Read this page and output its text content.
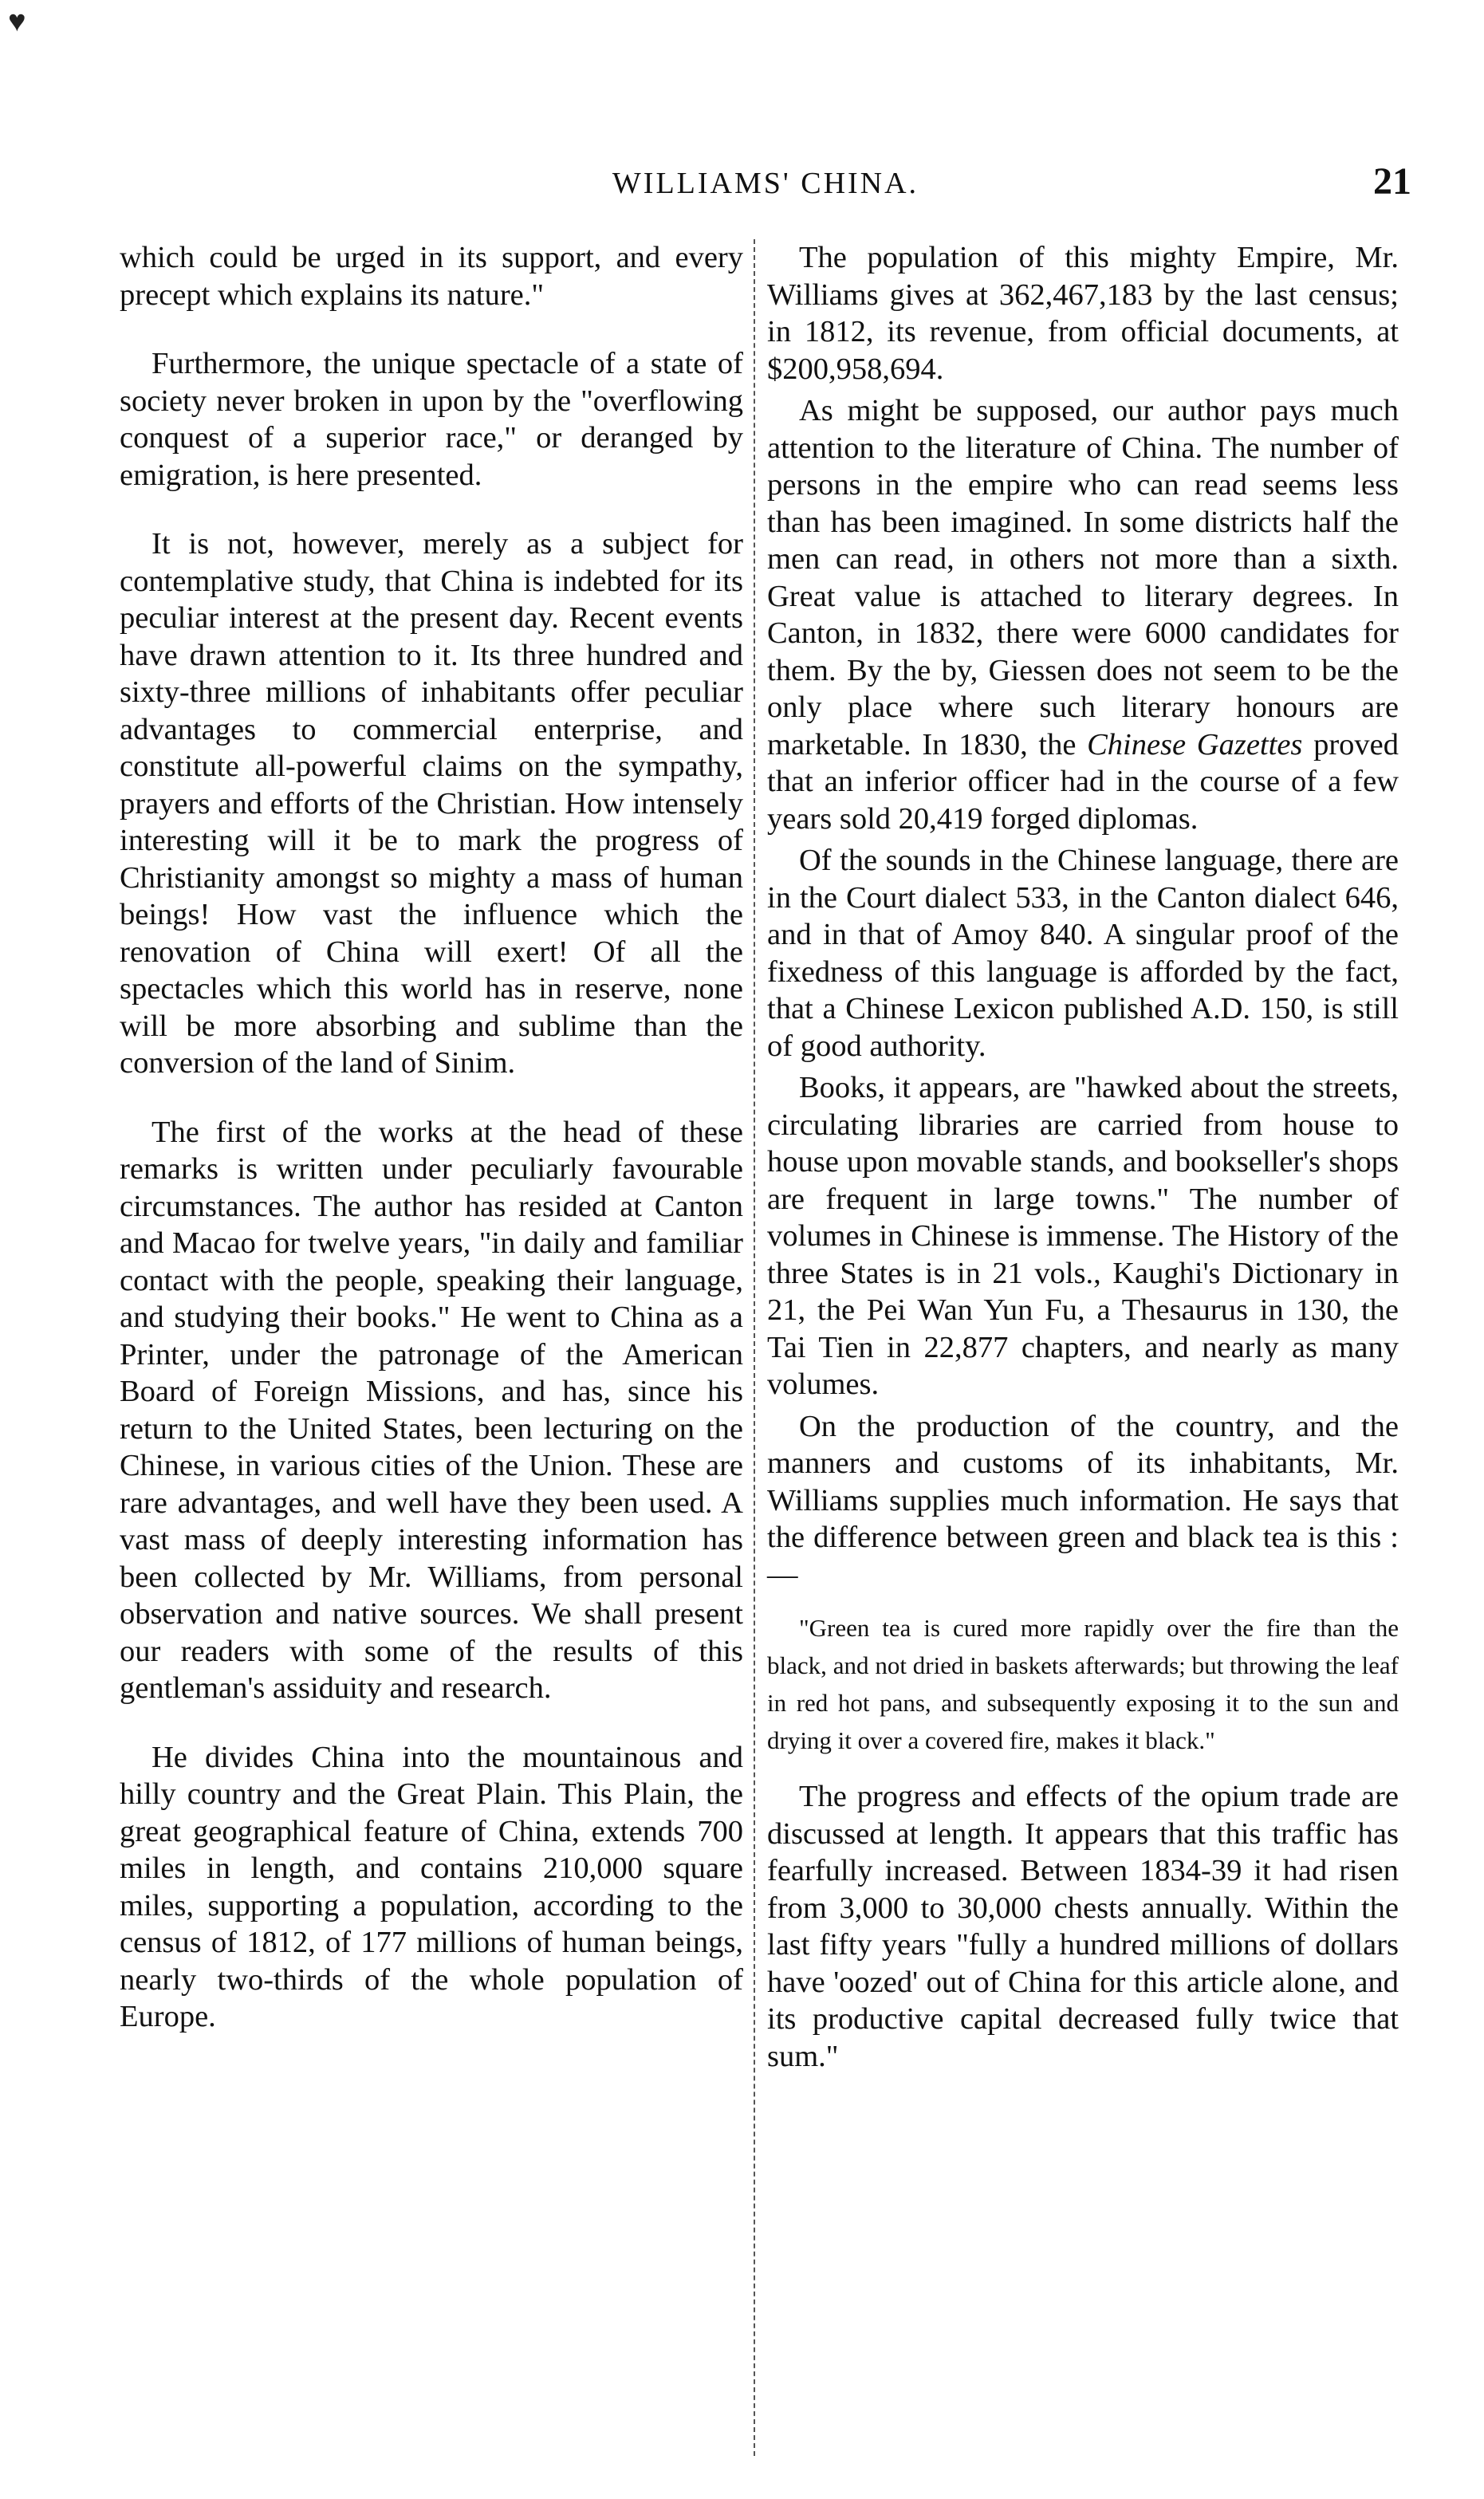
♥
WILLIAMS' CHINA.	21

which could be urged in its support, and every precept which explains its nature."

Furthermore, the unique spectacle of a state of society never broken in upon by the "overflowing conquest of a superior race," or deranged by emigration, is here presented.

It is not, however, merely as a subject for contemplative study, that China is indebted for its peculiar interest at the present day. Recent events have drawn attention to it. Its three hundred and sixty-three millions of inhabitants offer peculiar advantages to commercial enterprise, and constitute all-powerful claims on the sympathy, prayers and efforts of the Christian. How intensely interesting will it be to mark the progress of Christianity amongst so mighty a mass of human beings! How vast the influence which the renovation of China will exert! Of all the spectacles which this world has in reserve, none will be more absorbing and sublime than the conversion of the land of Sinim.

The first of the works at the head of these remarks is written under peculiarly favourable circumstances. The author has resided at Canton and Macao for twelve years, "in daily and familiar contact with the people, speaking their language, and studying their books." He went to China as a Printer, under the patronage of the American Board of Foreign Missions, and has, since his return to the United States, been lecturing on the Chinese, in various cities of the Union. These are rare advantages, and well have they been used. A vast mass of deeply interesting information has been collected by Mr. Williams, from personal observation and native sources. We shall present our readers with some of the results of this gentleman's assiduity and research.

He divides China into the mountainous and hilly country and the Great Plain. This Plain, the great geographical feature of China, extends 700 miles in length, and contains 210,000 square miles, supporting a population, according to the census of 1812, of 177 millions of human beings, nearly two-thirds of the whole population of Europe.

The population of this mighty Empire, Mr. Williams gives at 362,467,183 by the last census; in 1812, its revenue, from official documents, at $200,958,694.

As might be supposed, our author pays much attention to the literature of China. The number of persons in the empire who can read seems less than has been imagined. In some districts half the men can read, in others not more than a sixth. Great value is attached to literary degrees. In Canton, in 1832, there were 6000 candidates for them. By the by, Giessen does not seem to be the only place where such literary honours are marketable. In 1830, the Chinese Gazettes proved that an inferior officer had in the course of a few years sold 20,419 forged diplomas.

Of the sounds in the Chinese language, there are in the Court dialect 533, in the Canton dialect 646, and in that of Amoy 840. A singular proof of the fixedness of this language is afforded by the fact, that a Chinese Lexicon published A.D. 150, is still of good authority.

Books, it appears, are "hawked about the streets, circulating libraries are carried from house to house upon movable stands, and bookseller's shops are frequent in large towns." The number of volumes in Chinese is immense. The History of the three States is in 21 vols., Kaughi's Dictionary in 21, the Pei Wan Yun Fu, a Thesaurus in 130, the Tai Tien in 22,877 chapters, and nearly as many volumes.

On the production of the country, and the manners and customs of its inhabitants, Mr. Williams supplies much information. He says that the difference between green and black tea is this :—

"Green tea is cured more rapidly over the fire than the black, and not dried in baskets afterwards; but throwing the leaf in red hot pans, and subsequently exposing it to the sun and drying it over a covered fire, makes it black."

The progress and effects of the opium trade are discussed at length. It appears that this traffic has fearfully increased. Between 1834-39 it had risen from 3,000 to 30,000 chests annually. Within the last fifty years "fully a hundred millions of dollars have 'oozed' out of China for this article alone, and its productive capital decreased fully twice that sum."
